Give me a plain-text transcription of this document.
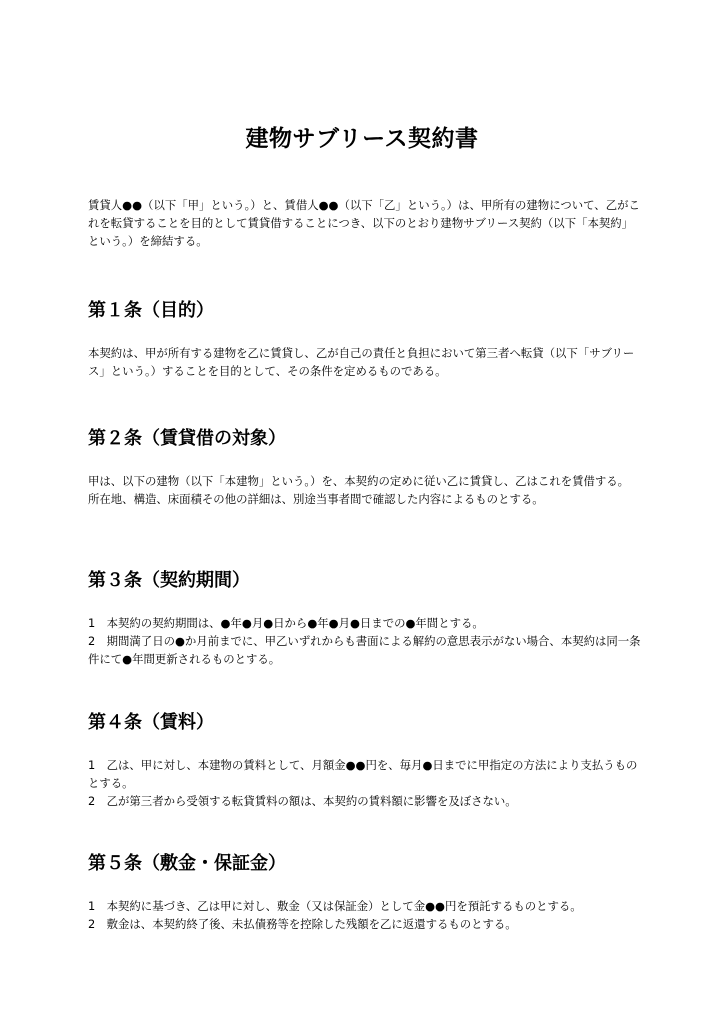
建物サブリース契約書
賃貸人●●（以下「甲」という。）と、賃借人●●（以下「乙」という。）は、甲所有の建物について、乙がこれを転貸することを目的として賃貸借することにつき、以下のとおり建物サブリース契約（以下「本契約」という。）を締結する。
第１条（目的）
本契約は、甲が所有する建物を乙に賃貸し、乙が自己の責任と負担において第三者へ転貸（以下「サブリース」という。）することを目的として、その条件を定めるものである。
第２条（賃貸借の対象）
甲は、以下の建物（以下「本建物」という。）を、本契約の定めに従い乙に賃貸し、乙はこれを賃借する。
所在地、構造、床面積その他の詳細は、別途当事者間で確認した内容によるものとする。
第３条（契約期間）
1　本契約の契約期間は、●年●月●日から●年●月●日までの●年間とする。
2　期間満了日の●か月前までに、甲乙いずれからも書面による解約の意思表示がない場合、本契約は同一条件にて●年間更新されるものとする。
第４条（賃料）
1　乙は、甲に対し、本建物の賃料として、月額金●●円を、毎月●日までに甲指定の方法により支払うものとする。
2　乙が第三者から受領する転貸賃料の額は、本契約の賃料額に影響を及ぼさない。
第５条（敷金・保証金）
1　本契約に基づき、乙は甲に対し、敷金（又は保証金）として金●●円を預託するものとする。
2　敷金は、本契約終了後、未払債務等を控除した残額を乙に返還するものとする。
